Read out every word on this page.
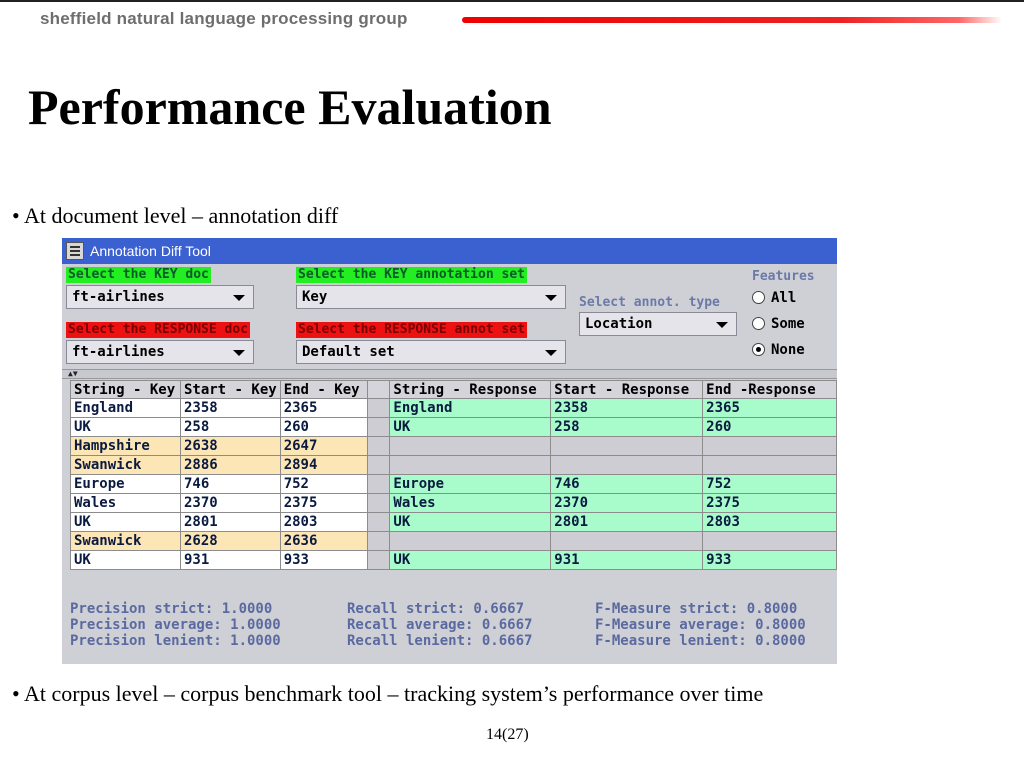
sheffield natural language processing group
Performance Evaluation
• At document level – annotation diff
Annotation Diff Tool
Select the KEY doc
ft-airlines
Select the KEY annotation set
Key
Select the RESPONSE doc
ft-airlines
Select the RESPONSE annot set
Default set
Select annot. type
Location
Features
All
Some
None
▲▼
String - Key	Start - Key	End - Key		String - Response	Start - Response	End -Response
England	2358	2365		England	2358	2365
UK	258	260		UK	258	260
Hampshire	2638	2647				
Swanwick	2886	2894				
Europe	746	752		Europe	746	752
Wales	2370	2375		Wales	2370	2375
UK	2801	2803		UK	2801	2803
Swanwick	2628	2636				
UK	931	933		UK	931	933
Precision strict: 1.0000
Precision average: 1.0000
Precision lenient: 1.0000
Recall strict: 0.6667
Recall average: 0.6667
Recall lenient: 0.6667
F-Measure strict: 0.8000
F-Measure average: 0.8000
F-Measure lenient: 0.8000
• At corpus level – corpus benchmark tool – tracking system’s performance over time
14(27)
